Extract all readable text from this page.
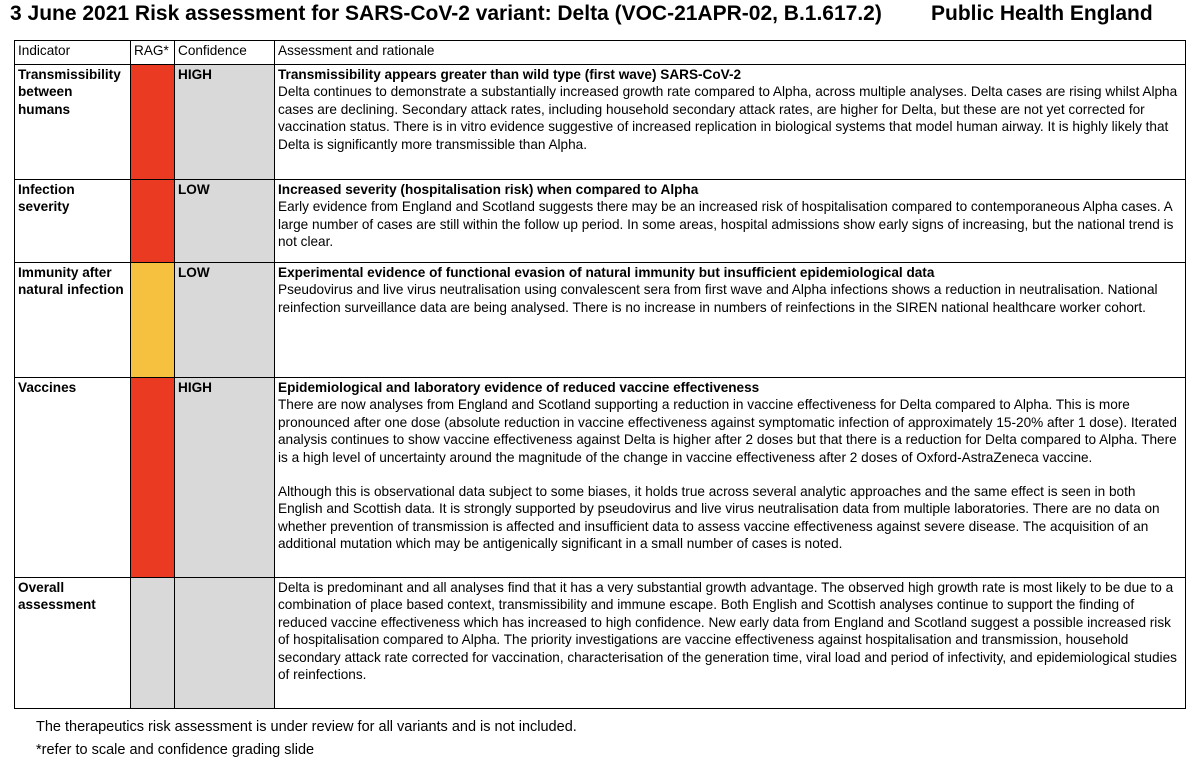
3 June 2021 Risk assessment for SARS-CoV-2 variant: Delta (VOC-21APR-02, B.1.617.2) Public Health England
Indicator	RAG*	Confidence	Assessment and rationale
Transmissibility between humans		HIGH	Transmissibility appears greater than wild type (first wave) SARS-CoV-2
Delta continues to demonstrate a substantially increased growth rate compared to Alpha, across multiple analyses. Delta cases are rising whilst Alpha cases are declining. Secondary attack rates, including household secondary attack rates, are higher for Delta, but these are not yet corrected for vaccination status. There is in vitro evidence suggestive of increased replication in biological systems that model human airway. It is highly likely that Delta is significantly more transmissible than Alpha.

Infection severity		LOW	Increased severity (hospitalisation risk) when compared to Alpha
Early evidence from England and Scotland suggests there may be an increased risk of hospitalisation compared to contemporaneous Alpha cases. A large number of cases are still within the follow up period. In some areas, hospital admissions show early signs of increasing, but the national trend is not clear.

Immunity after natural infection		LOW	Experimental evidence of functional evasion of natural immunity but insufficient epidemiological data
Pseudovirus and live virus neutralisation using convalescent sera from first wave and Alpha infections shows a reduction in neutralisation. National reinfection surveillance data are being analysed. There is no increase in numbers of reinfections in the SIREN national healthcare worker cohort.

Vaccines		HIGH	Epidemiological and laboratory evidence of reduced vaccine effectiveness
There are now analyses from England and Scotland supporting a reduction in vaccine effectiveness for Delta compared to Alpha. This is more pronounced after one dose (absolute reduction in vaccine effectiveness against symptomatic infection of approximately 15-20% after 1 dose). Iterated analysis continues to show vaccine effectiveness against Delta is higher after 2 doses but that there is a reduction for Delta compared to Alpha. There is a high level of uncertainty around the magnitude of the change in vaccine effectiveness after 2 doses of Oxford-AstraZeneca vaccine.
Although this is observational data subject to some biases, it holds true across several analytic approaches and the same effect is seen in both English and Scottish data. It is strongly supported by pseudovirus and live virus neutralisation data from multiple laboratories. There are no data on whether prevention of transmission is affected and insufficient data to assess vaccine effectiveness against severe disease. The acquisition of an additional mutation which may be antigenically significant in a small number of cases is noted.

Overall assessment			Delta is predominant and all analyses find that it has a very substantial growth advantage. The observed high growth rate is most likely to be due to a combination of place based context, transmissibility and immune escape. Both English and Scottish analyses continue to support the finding of reduced vaccine effectiveness which has increased to high confidence. New early data from England and Scotland suggest a possible increased risk of hospitalisation compared to Alpha. The priority investigations are vaccine effectiveness against hospitalisation and transmission, household secondary attack rate corrected for vaccination, characterisation of the generation time, viral load and period of infectivity, and epidemiological studies of reinfections.
The therapeutics risk assessment is under review for all variants and is not included.
*refer to scale and confidence grading slide
